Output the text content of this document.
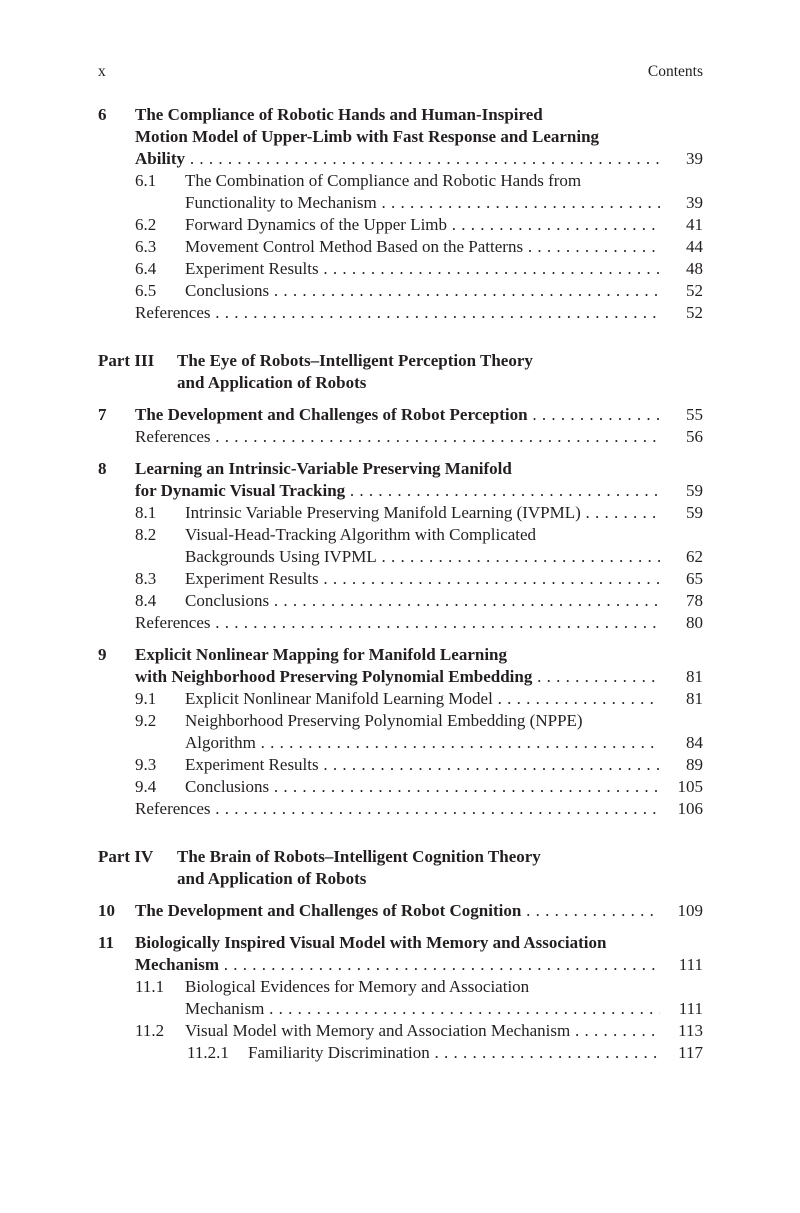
x	Contents
6 The Compliance of Robotic Hands and Human-Inspired
Motion Model of Upper-Limb with Fast Response and Learning
Ability . . .	39
6.1 The Combination of Compliance and Robotic Hands from
Functionality to Mechanism . . .	39
6.2 Forward Dynamics of the Upper Limb . . .	41
6.3 Movement Control Method Based on the Patterns . . .	44
6.4 Experiment Results . . .	48
6.5 Conclusions . . .	52
References . . .	52
Part III The Eye of Robots–Intelligent Perception Theory
and Application of Robots
7 The Development and Challenges of Robot Perception . . .	55
References . . .	56
8 Learning an Intrinsic-Variable Preserving Manifold
for Dynamic Visual Tracking . . .	59
8.1 Intrinsic Variable Preserving Manifold Learning (IVPML) . . .	59
8.2 Visual-Head-Tracking Algorithm with Complicated
Backgrounds Using IVPML . . .	62
8.3 Experiment Results . . .	65
8.4 Conclusions . . .	78
References . . .	80
9 Explicit Nonlinear Mapping for Manifold Learning
with Neighborhood Preserving Polynomial Embedding . . .	81
9.1 Explicit Nonlinear Manifold Learning Model . . .	81
9.2 Neighborhood Preserving Polynomial Embedding (NPPE)
Algorithm . . .	84
9.3 Experiment Results . . .	89
9.4 Conclusions . . .	105
References . . .	106
Part IV The Brain of Robots–Intelligent Cognition Theory
and Application of Robots
10 The Development and Challenges of Robot Cognition . . .	109
11 Biologically Inspired Visual Model with Memory and Association
Mechanism . . .	111
11.1 Biological Evidences for Memory and Association
Mechanism . . .	111
11.2 Visual Model with Memory and Association Mechanism . . .	113
11.2.1 Familiarity Discrimination . . .	117
